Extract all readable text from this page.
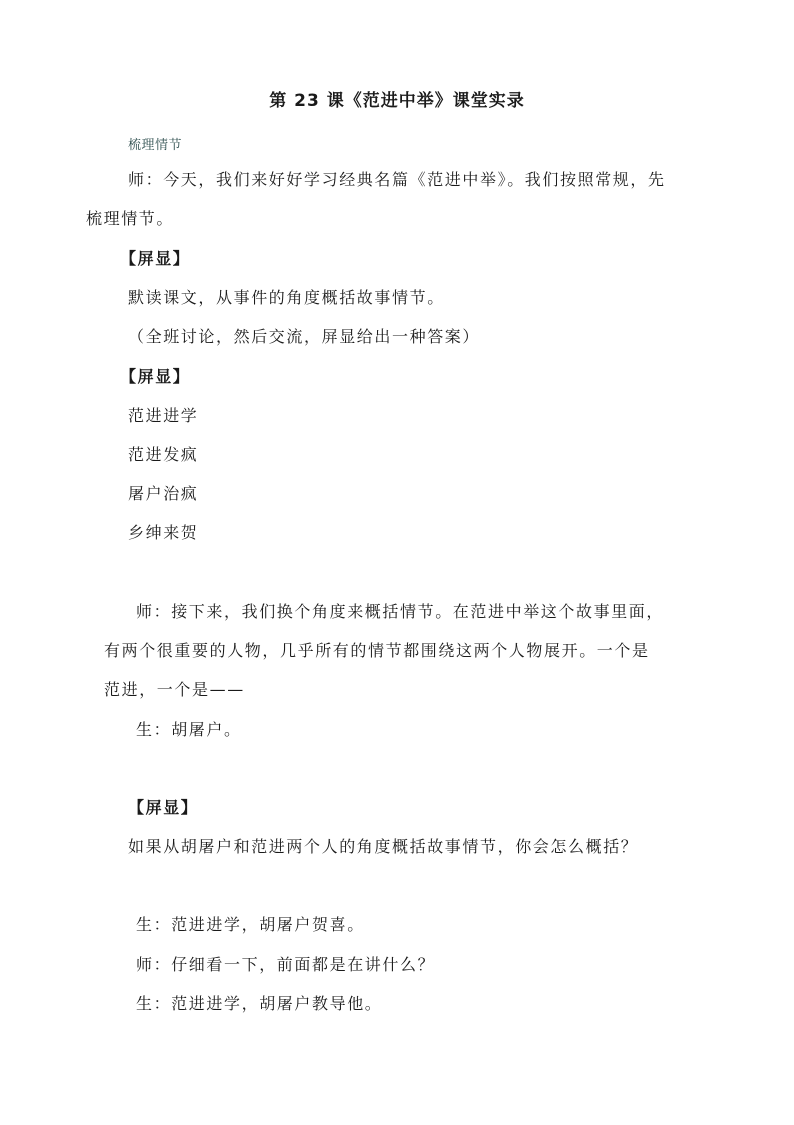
第 23 课《范进中举》课堂实录
梳理情节
师：今天，我们来好好学习经典名篇《范进中举》。我们按照常规，先
梳理情节。
【屏显】
默读课文，从事件的角度概括故事情节。
（全班讨论，然后交流，屏显给出一种答案）
【屏显】
范进进学
范进发疯
屠户治疯
乡绅来贺
师：接下来，我们换个角度来概括情节。在范进中举这个故事里面，
有两个很重要的人物，几乎所有的情节都围绕这两个人物展开。一个是
范进，一个是——
生：胡屠户。
【屏显】
如果从胡屠户和范进两个人的角度概括故事情节，你会怎么概括？
生：范进进学，胡屠户贺喜。
师：仔细看一下，前面都是在讲什么？
生：范进进学，胡屠户教导他。
